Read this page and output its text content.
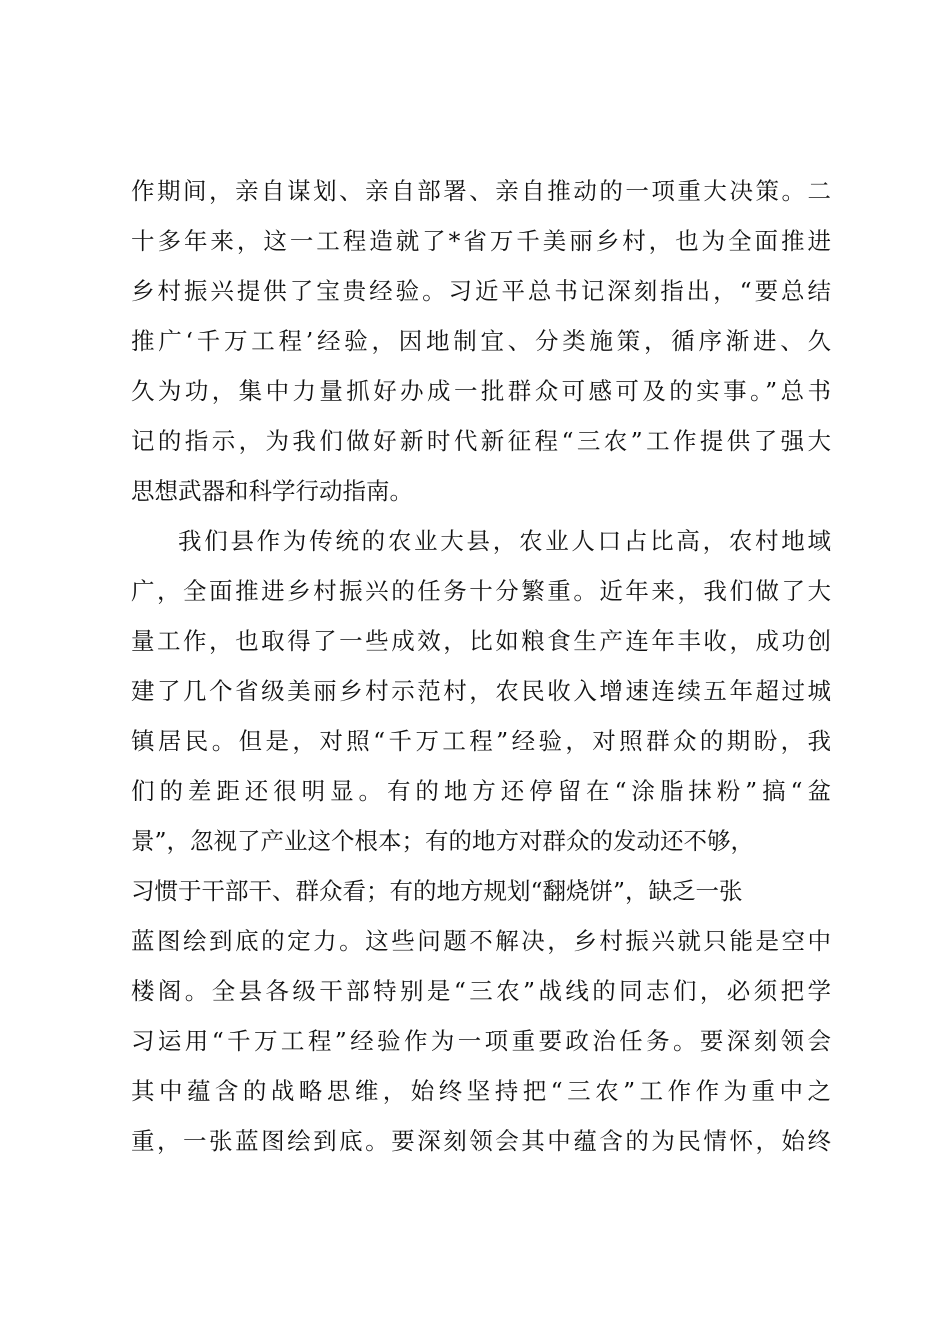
作期间，亲自谋划、亲自部署、亲自推动的一项重大决策。二
十多年来，这一工程造就了*省万千美丽乡村，也为全面推进
乡村振兴提供了宝贵经验。习近平总书记深刻指出，“要总结
推广‘千万工程’经验，因地制宜、分类施策，循序渐进、久
久为功，集中力量抓好办成一批群众可感可及的实事。”总书
记的指示，为我们做好新时代新征程“三农”工作提供了强大
思想武器和科学行动指南。
我们县作为传统的农业大县，农业人口占比高，农村地域
广，全面推进乡村振兴的任务十分繁重。近年来，我们做了大
量工作，也取得了一些成效，比如粮食生产连年丰收，成功创
建了几个省级美丽乡村示范村，农民收入增速连续五年超过城
镇居民。但是，对照“千万工程”经验，对照群众的期盼，我
们的差距还很明显。有的地方还停留在“涂脂抹粉”搞“盆
景”，忽视了产业这个根本；有的地方对群众的发动还不够，
习惯于干部干、群众看；有的地方规划“翻烧饼”，缺乏一张
蓝图绘到底的定力。这些问题不解决，乡村振兴就只能是空中
楼阁。全县各级干部特别是“三农”战线的同志们，必须把学
习运用“千万工程”经验作为一项重要政治任务。要深刻领会
其中蕴含的战略思维，始终坚持把“三农”工作作为重中之
重，一张蓝图绘到底。要深刻领会其中蕴含的为民情怀，始终
